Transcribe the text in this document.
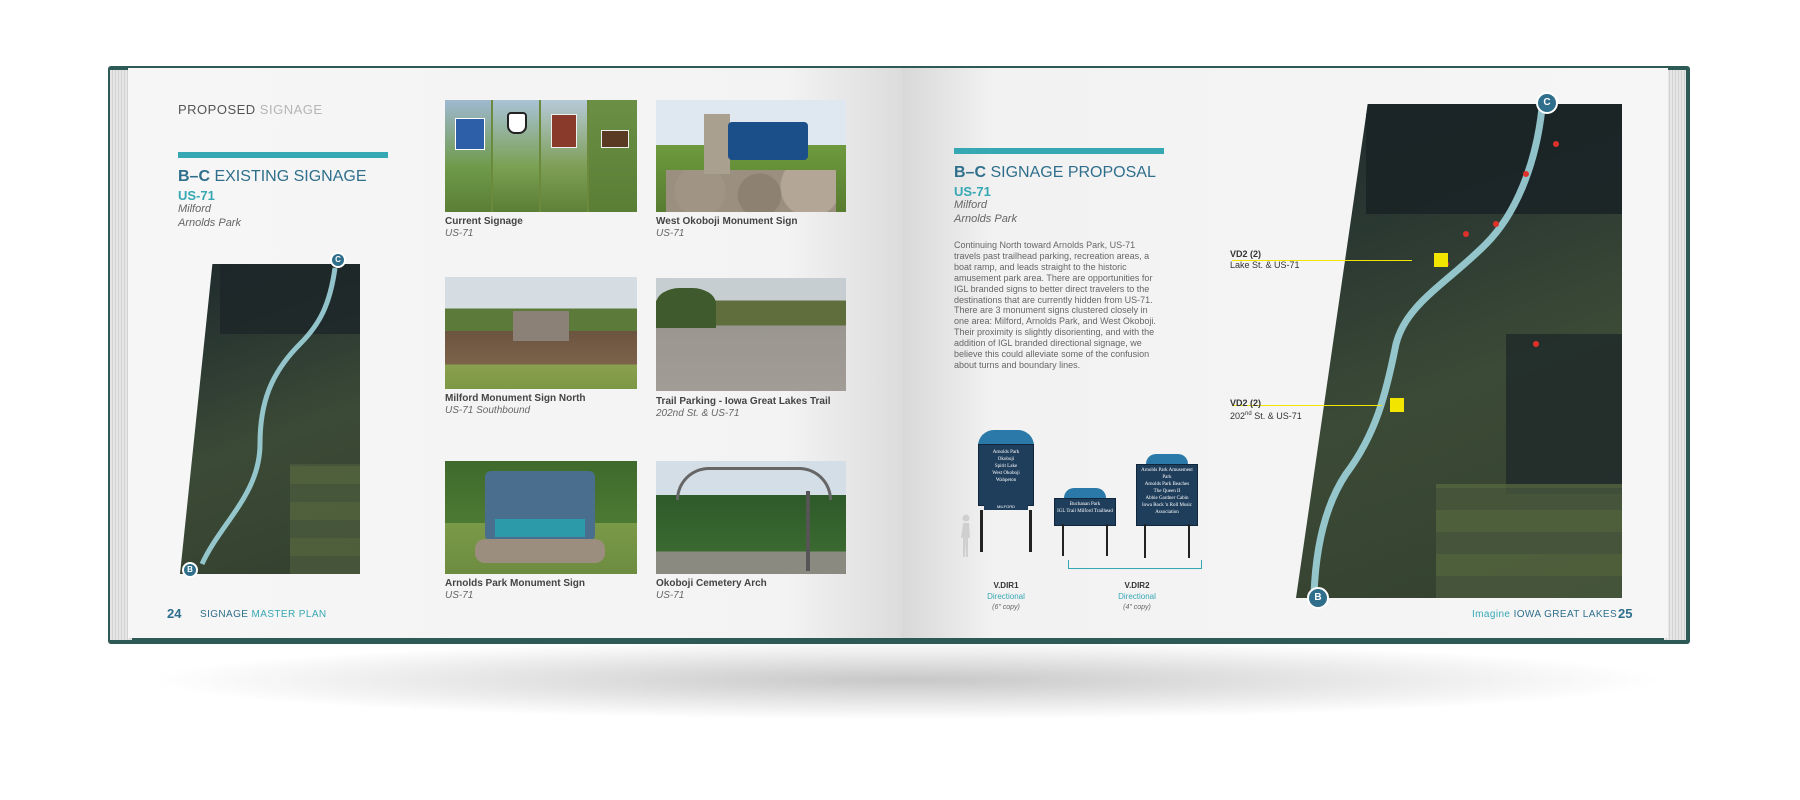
PROPOSED SIGNAGE
B–C EXISTING SIGNAGE
US-71
Milford
Arnolds Park
C
B
Current Signage
US-71
West Okoboji Monument Sign
US-71
Milford Monument Sign North
US-71 Southbound
Trail Parking - Iowa Great Lakes Trail
202nd St. & US-71
Arnolds Park Monument Sign
US-71
Okoboji Cemetery Arch
US-71
24 SIGNAGE MASTER PLAN
B–C SIGNAGE PROPOSAL
US-71
Milford
Arnolds Park
Continuing North toward Arnolds Park, US-71 travels past trailhead parking, recreation areas, a boat ramp, and leads straight to the historic amusement park area. There are opportunities for IGL branded signs to better direct travelers to the destinations that are currently hidden from US-71.
There are 3 monument signs clustered closely in one area: Milford, Arnolds Park, and West Okoboji. Their proximity is slightly disorienting, and with the addition of IGL branded directional signage, we believe this could alleviate some of the confusion about turns and boundary lines.
Arnolds Park
Okoboji
Spirit Lake
West Okoboji
Wahpeton
MILFORD
V.DIR1
Directional
(6" copy)
Buchanan Park
IGL Trail Milford Trailhead
Arnolds Park Amusement Park
Arnolds Park Beaches
The Queen II
Abbie Gardner Cabin
Iowa Rock 'n Roll Music Association
V.DIR2
Directional
(4" copy)
VD2 (2)
Lake St. & US-71
VD2 (2)
202nd St. & US-71
C
B
Imagine IOWA GREAT LAKES 25
